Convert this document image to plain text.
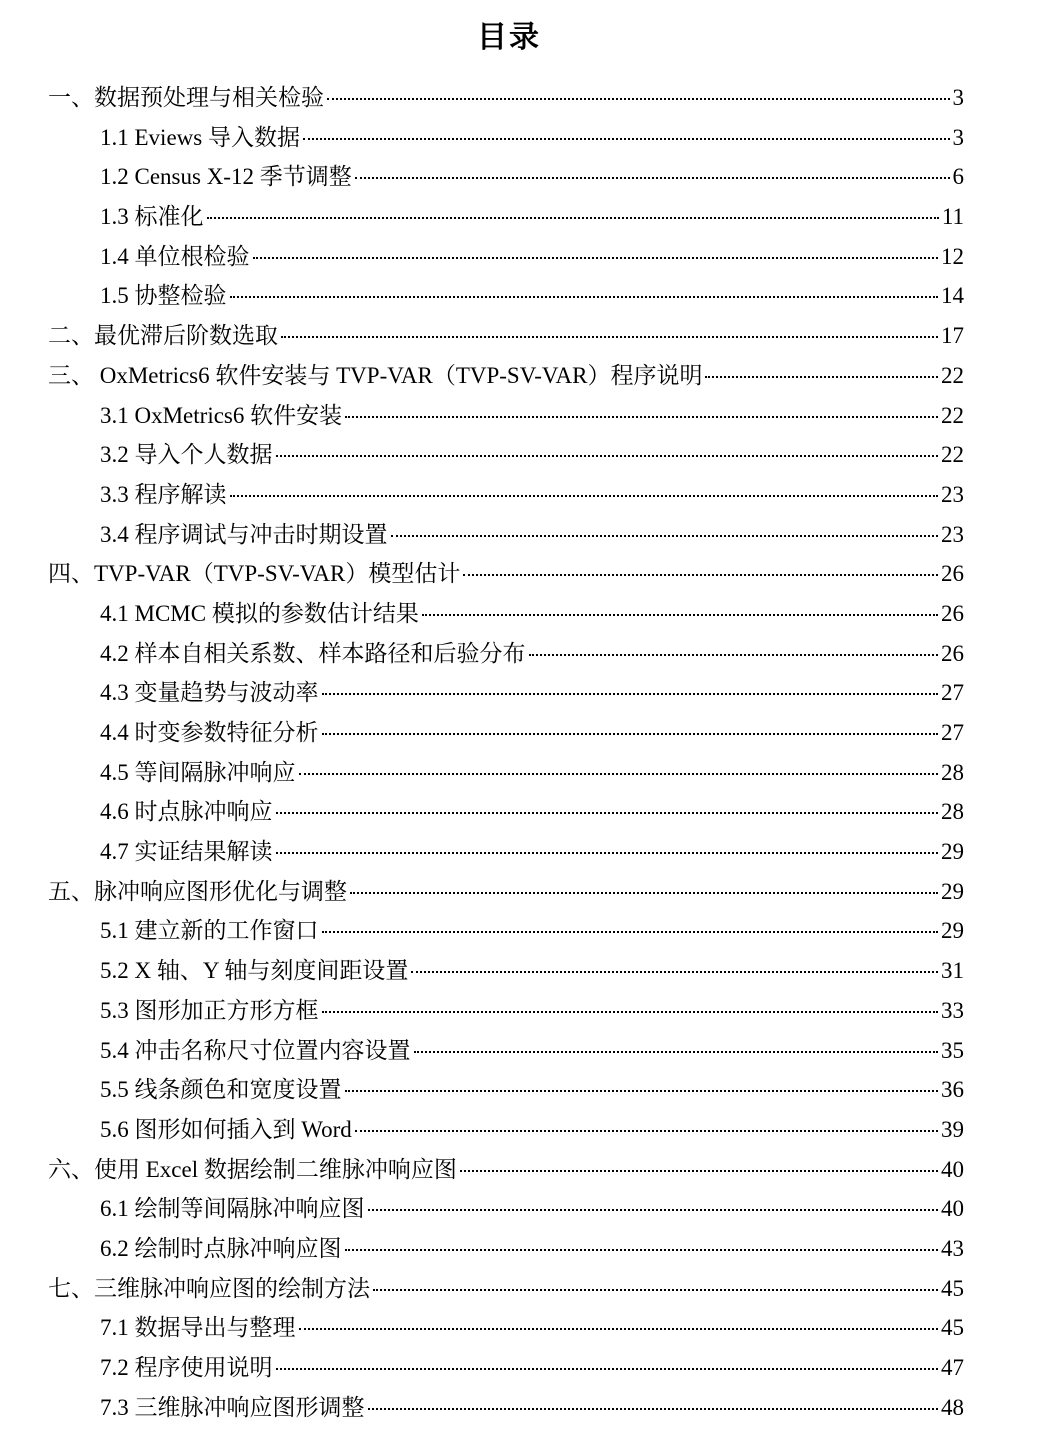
目录
一、数据预处理与相关检验	3
1.1 Eviews 导入数据	3
1.2 Census X-12 季节调整	6
1.3 标准化	11
1.4 单位根检验	12
1.5 协整检验	14
二、最优滞后阶数选取	17
三、 OxMetrics6 软件安装与 TVP-VAR（TVP-SV-VAR）程序说明	22
3.1 OxMetrics6 软件安装	22
3.2 导入个人数据	22
3.3 程序解读	23
3.4 程序调试与冲击时期设置	23
四、TVP-VAR（TVP-SV-VAR）模型估计	26
4.1 MCMC 模拟的参数估计结果	26
4.2 样本自相关系数、样本路径和后验分布	26
4.3 变量趋势与波动率	27
4.4 时变参数特征分析	27
4.5 等间隔脉冲响应	28
4.6 时点脉冲响应	28
4.7 实证结果解读	29
五、脉冲响应图形优化与调整	29
5.1 建立新的工作窗口	29
5.2 X 轴、Y 轴与刻度间距设置	31
5.3 图形加正方形方框	33
5.4 冲击名称尺寸位置内容设置	35
5.5 线条颜色和宽度设置	36
5.6 图形如何插入到 Word	39
六、使用 Excel 数据绘制二维脉冲响应图	40
6.1 绘制等间隔脉冲响应图	40
6.2 绘制时点脉冲响应图	43
七、三维脉冲响应图的绘制方法	45
7.1 数据导出与整理	45
7.2 程序使用说明	47
7.3 三维脉冲响应图形调整	48
